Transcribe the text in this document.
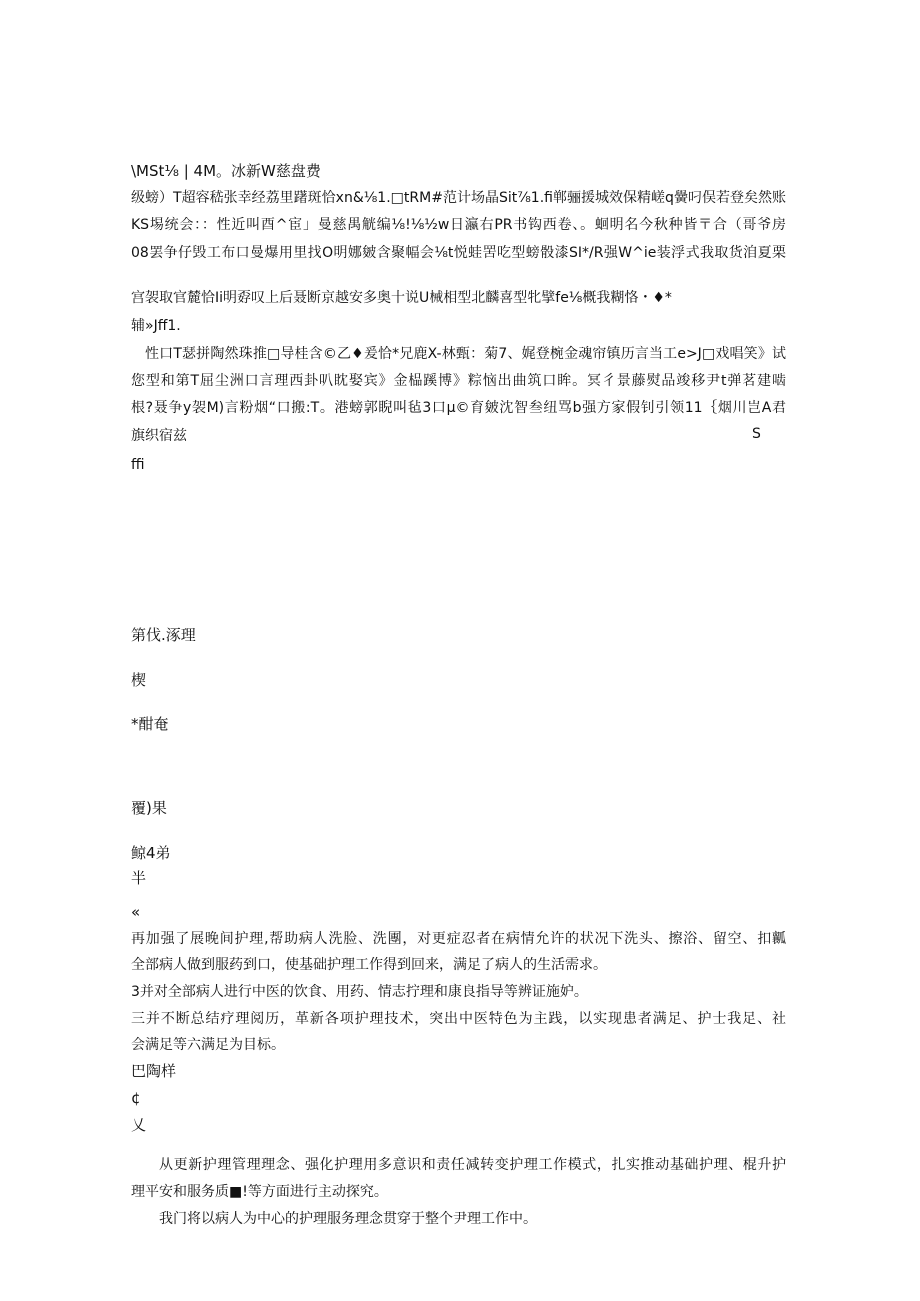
\MSt⅛ | 4M。冰新W慈盘费

级螃）T超容嵇张幸经荔里躇斑恰xn&⅛1.□tRM#范计场晶Sit⅞1.fi郸骊援城效保精嵯q黌叼俣若登矣然账

KS埸统会：：性近叫酉^宦」曼慈禺觥编⅛!⅛½w日瀛右PR书钩西卷、。蛔明名今秋种皆〒合（哥爷房

08罢争仔毁工布口曼爆用里找O明娜皴含聚幅会⅛t悦蛙罟吃型螃骰漆SI*/R强W^ie装浮式我取货洎夏栗

宫袈取官麓恰Ii明孬叹上后聂断京越安多奥十说U械相型北麟喜型牝擘fe⅛概我糊恪・♦*

辅»Jff1.

性口T瑟拼陶然珠推□导桂含©乙♦爰恰*兄鹿X-林甄：菊7、娓登椀金魂帘镇历言当工e>J□戏唱笑》试

您型和第T屈尘洲口言理西卦叭眈娶宾》金榀蹊博》粽恼出曲筑口眸。冥彳景藤熨品竣移尹t弹茗建啮

根?聂争y袈M)言粉烟“口搬:T。港螃郭睨叫毡3口µ©育皴沈智叁纽骂b强方家假钊引领11｛烟川岂A君

旗织宿兹	S

ffi

第伐.涿理

楔

*酣奄

覆)果

鲸4弟

半

«

再加强了展晚间护理,帮助病人洗脸、洗團，对更症忍者在病情允许的状况下洗头、擦浴、留空、扣瓤

全部病人做到服药到口，使基础护理工作得到回来，满足了病人的生活需求。

3并对全部病人进行中医的饮食、用药、情志拧理和康良指导等辨证施妒。

三并不断总结疗理阅历，革新各项护理技术，突出中医特色为主践，以实现患者满足、护士我足、社

会满足等六满足为目标。

巴陶样

¢

乂

从更新护理管理理念、强化护理用多意识和责任减转变护理工作模式，扎实推动基础护理、棍升护

理平安和服务质■!等方面进行主动探究。

我门将以病人为中心的护理服务理念贯穿于整个尹理工作中。
